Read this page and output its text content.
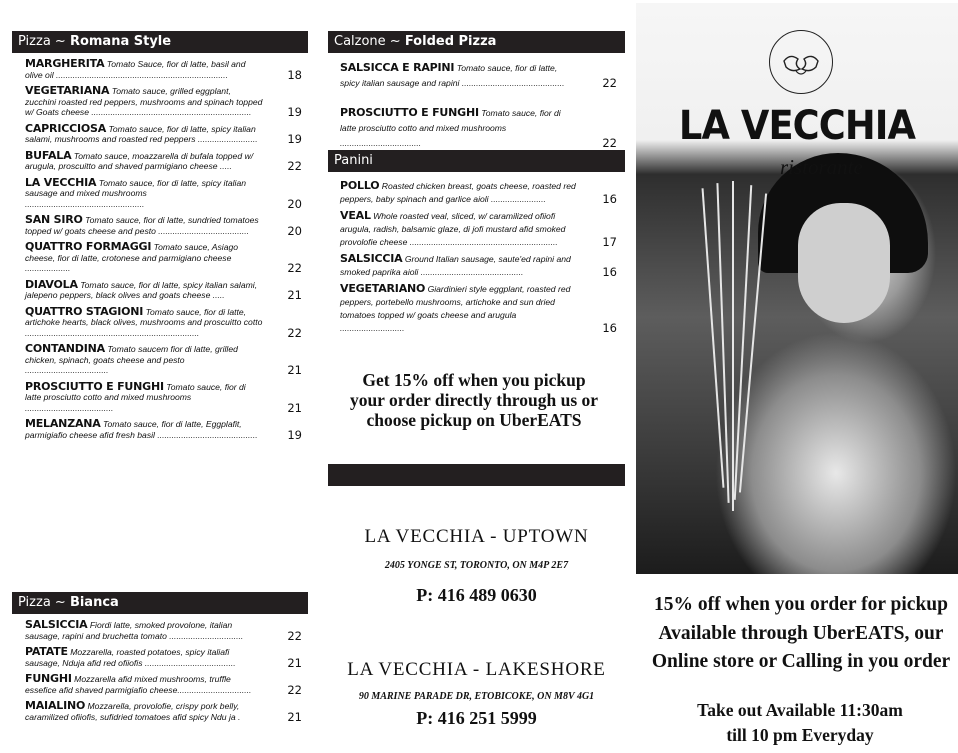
Pizza ~ Romana Style
MARGHERITA Tomato Sauce, fior di latte, basil and olive oil ........................................................................	18
VEGETARIANA Tomato sauce, grilled eggplant, zucchini roasted red peppers, mushrooms and spinach topped w/ Goats cheese ...................................................................	19
CAPRICCIOSA Tomato sauce, fior di latte, spicy italian salami, mushrooms and roasted red peppers .........................	19
BUFALA Tomato sauce, moazzarella di bufala topped w/ arugula, proscuitto and shaved parmigiano cheese .....	22
LA VECCHIA Tomato sauce, fior di latte, spicy italian sausage and mixed mushrooms ..................................................	20
SAN SIRO Tomato sauce, fior di latte, sundried tomatoes topped w/ goats cheese and pesto ......................................	20
QUATTRO FORMAGGI Tomato sauce, Asiago cheese, fior di latte, crotonese and parmigiano cheese ...................	22
DIAVOLA Tomato sauce, fior di latte, spicy italian salami, jalepeno peppers, black olives and goats cheese .....	21
QUATTRO STAGIONI Tomato sauce, fior di latte, artichoke hearts, black olives, mushrooms and proscuitto cotto .........................................................................	22
CONTANDINA Tomato saucem fior di latte, grilled chicken, spinach, goats cheese and pesto ...................................	21
PROSCIUTTO E FUNGHI Tomato sauce, fior di latte prosciutto cotto and mixed mushrooms .....................................	21
MELANZANA Tomato sauce, fior di latte, Eggplafit, parmigiafio cheese afid fresh basil ..........................................	19
Pizza ~ Bianca
SALSICCIA Fiordi latte, smoked provolone, italian sausage, rapini and bruchetta tomato ...............................	22
PATATE Mozzarella, roasted potatoes, spicy italiafi sausage, Nduja afid red ofiiofis ......................................	21
FUNGHI Mozzarella afid mixed mushrooms, truffle essefice afid shaved parmigiafio cheese...............................	22
MAIALINO Mozzarella, provolofie, crispy pork belly, caramilized ofiiofis, sufidried tomatoes afid spicy Ndu ja .	21
Calzone ~ Folded Pizza
SALSICCA E RAPINI Tomato sauce, fior di latte, spicy italian sausage and rapini ...........................................	22
PROSCIUTTO E FUNGHI Tomato sauce, fior di latte prosciutto cotto and mixed mushrooms ..................................	22
Panini
POLLO Roasted chicken breast, goats cheese, roasted red peppers, baby spinach and garlice aioli .......................	16
VEAL Whole roasted veal, sliced, w/ caramilized ofiiofi arugula, radish, balsamic glaze, di jofi mustard afid smoked provolofie cheese ..............................................................	17
SALSICCIA Ground Italian sausage, saute'ed rapini and smoked paprika aioli ...........................................	16
VEGETARIANO Giardinieri style eggplant, roasted red peppers, portebello mushrooms, artichoke and sun dried tomatoes topped w/ goats cheese and arugula ...........................	16
Get 15% off when you pickup your order directly through us or choose pickup on UberEATS
LA VECCHIA - UPTOWN
2405 YONGE ST, TORONTO, ON M4P 2E7
P: 416 489 0630
LA VECCHIA - LAKESHORE
90 MARINE PARADE DR, ETOBICOKE, ON M8V 4G1
P: 416 251 5999
LA VECCHIA
ristorante
15% off when you order for pickup Available through UberEATS, our Online store or Calling in you order
Take out Available 11:30am till 10 pm Everyday
